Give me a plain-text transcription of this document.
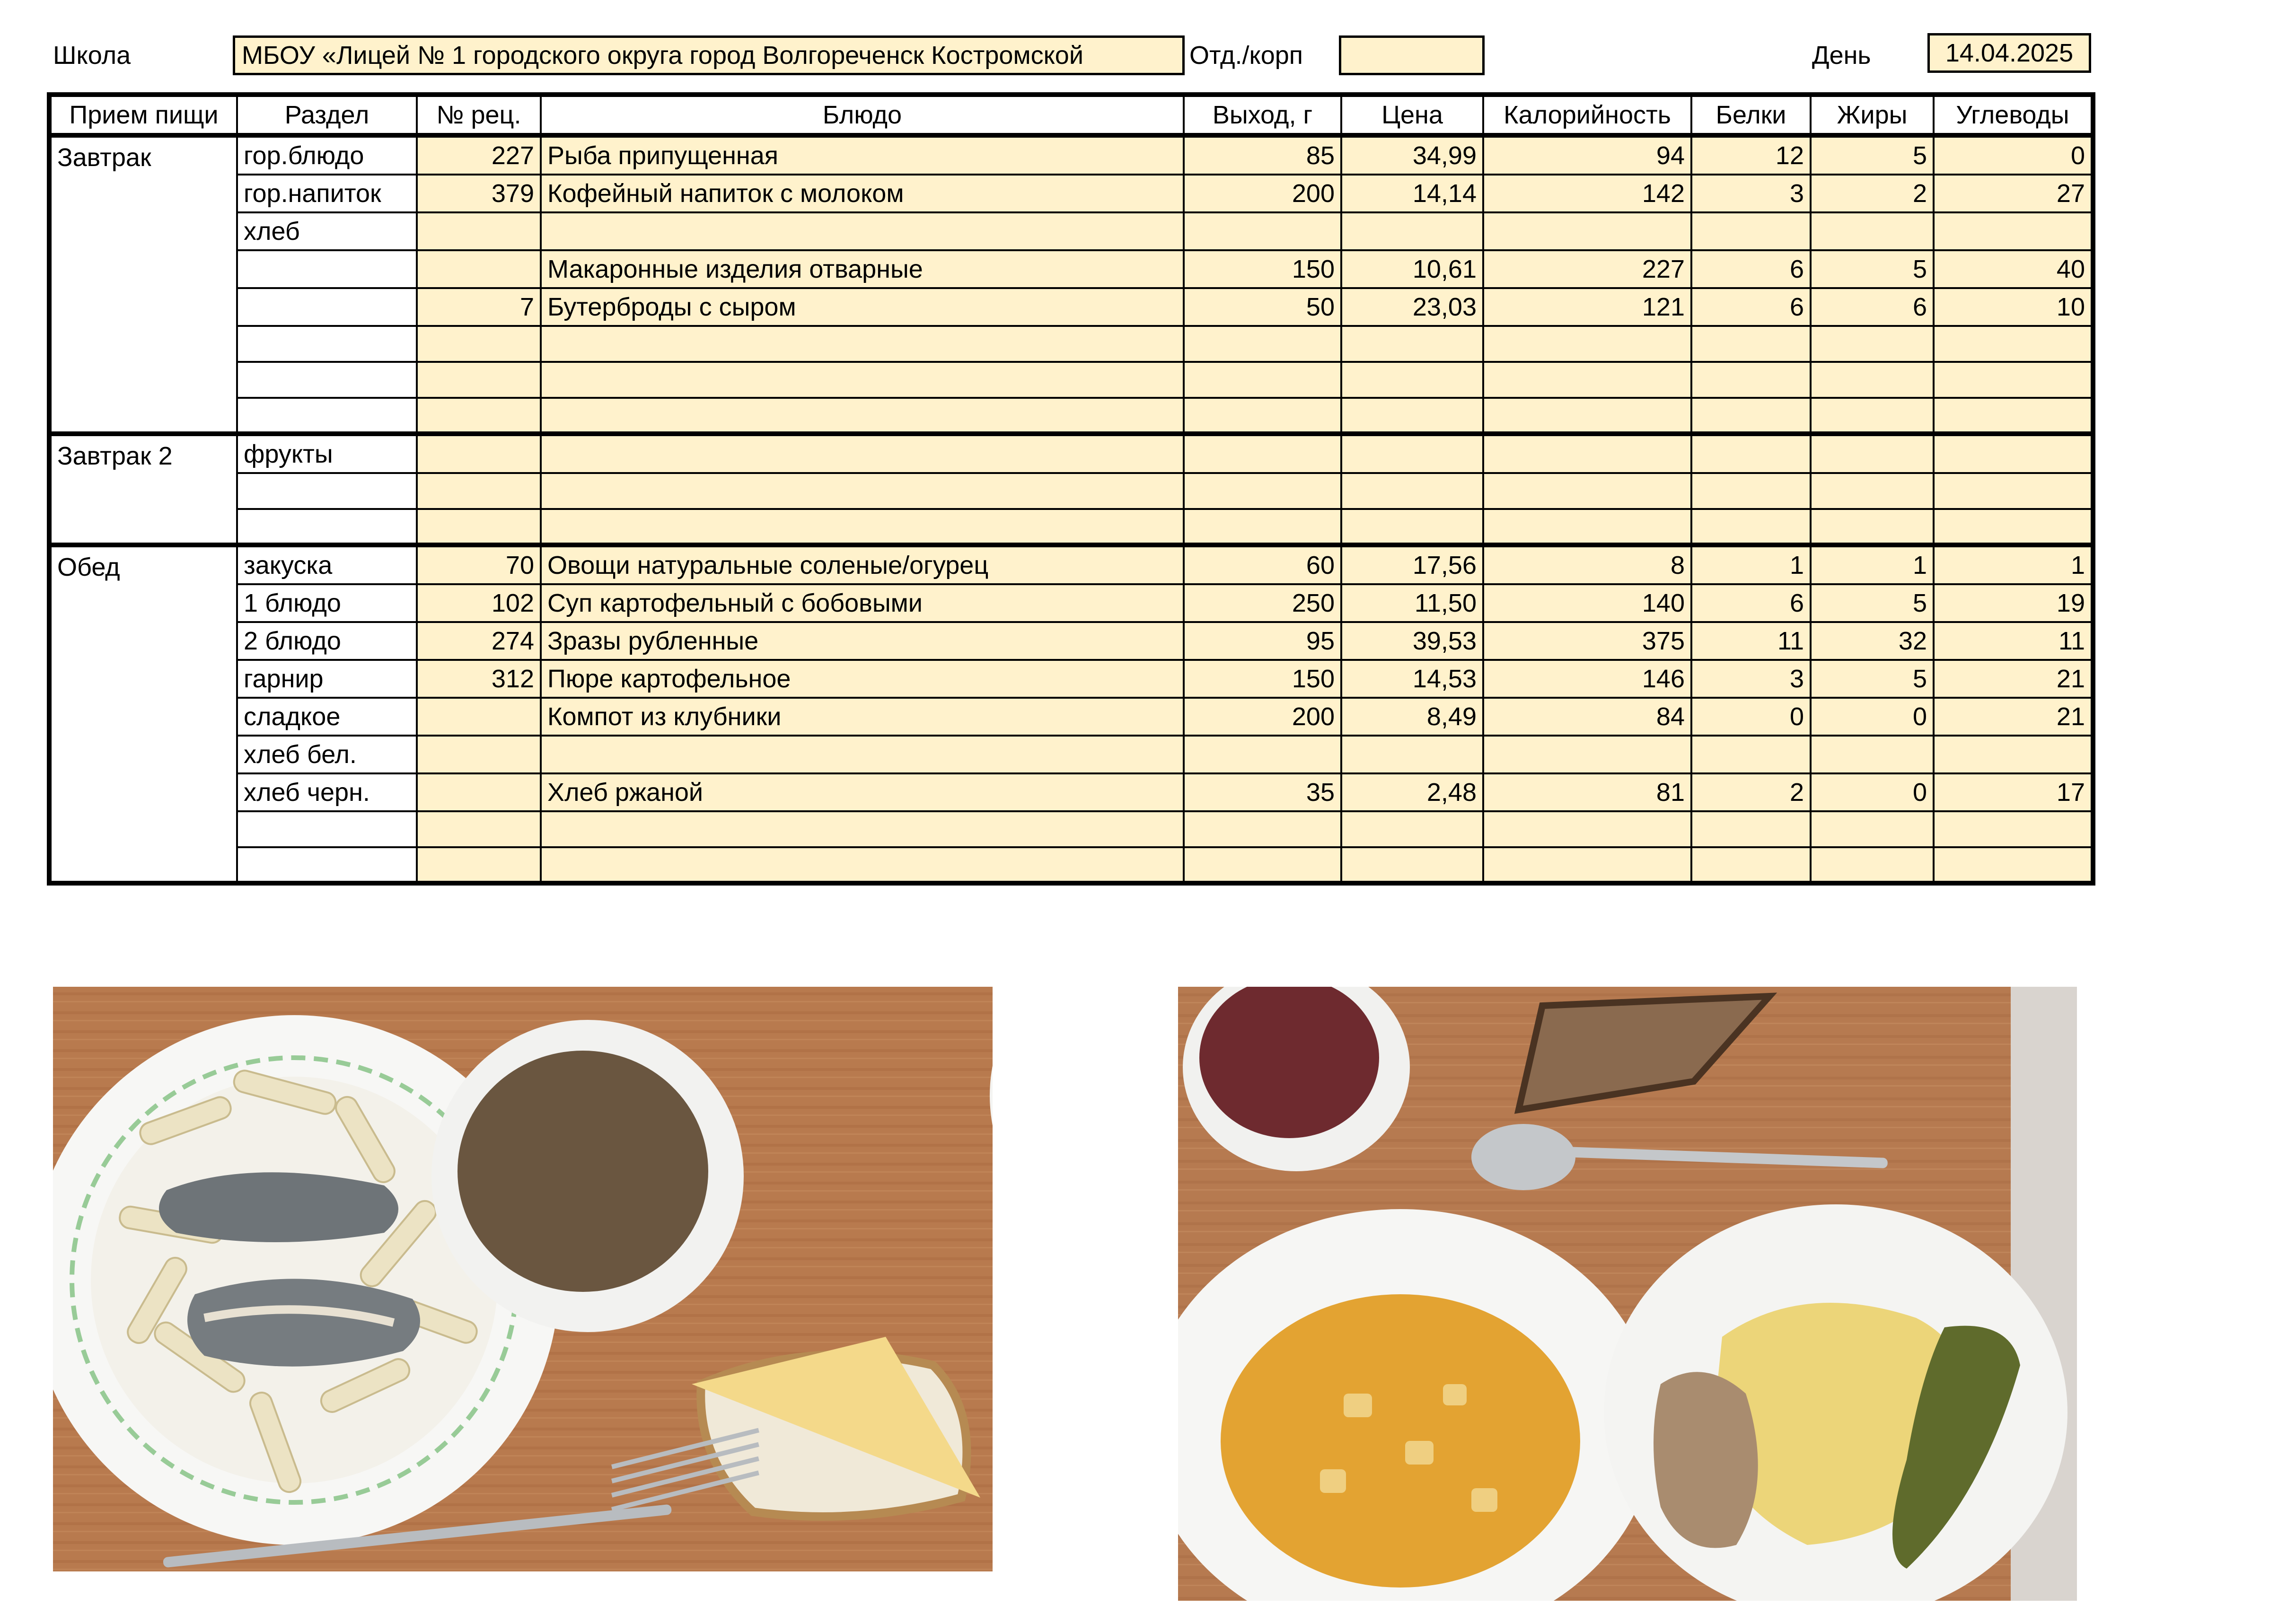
Школа	МБОУ «Лицей № 1 городского округа город Волгореченск Костромской	Отд./корп	День	14.04.2025
Прием пищи	Раздел	№ рец.	Блюдо	Выход, г	Цена	Калорийность	Белки	Жиры	Углеводы
Завтрак	гор.блюдо	227	Рыба припущенная	85	34,99	94	12	5	0
	гор.напиток	379	Кофейный напиток с молоком	200	14,14	142	3	2	27
	хлеб								
			Макаронные изделия отварные	150	10,61	227	6	5	40
		7	Бутерброды с сыром	50	23,03	121	6	6	10

Завтрак 2	фрукты								

Обед	закуска	70	Овощи натуральные соленые/огурец	60	17,56	8	1	1	1
	1 блюдо	102	Суп картофельный с бобовыми	250	11,50	140	6	5	19
	2 блюдо	274	Зразы рубленные	95	39,53	375	11	32	11
	гарнир	312	Пюре картофельное	150	14,53	146	3	5	21
	сладкое		Компот из клубники	200	8,49	84	0	0	21
	хлеб бел.								
	хлеб черн.		Хлеб ржаной	35	2,48	81	2	0	17
